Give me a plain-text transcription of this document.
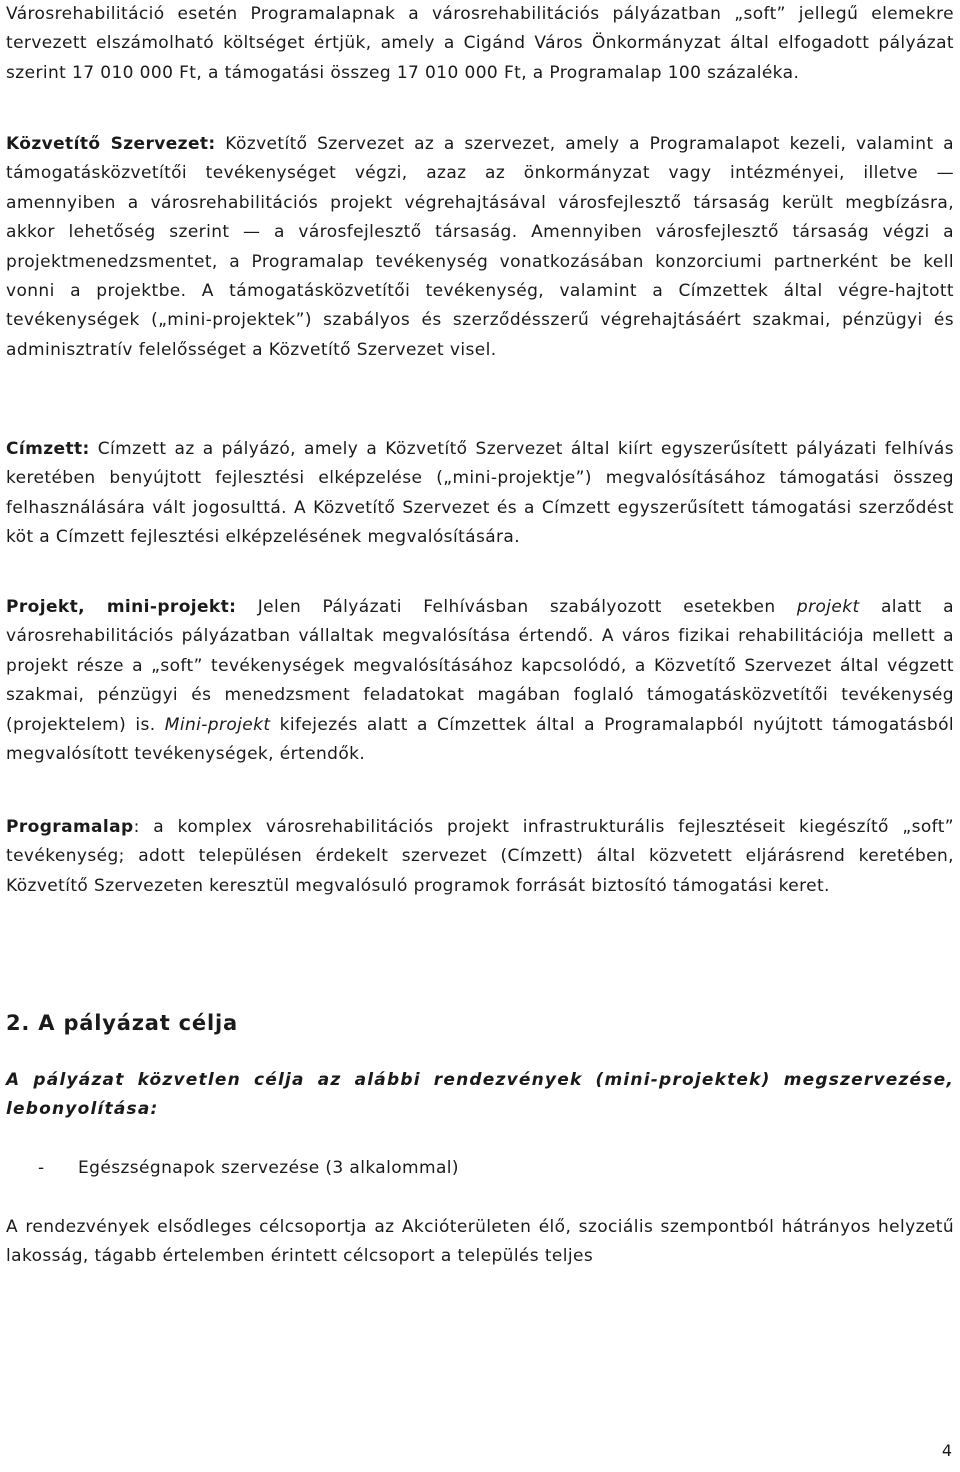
Városrehabilitáció esetén Programalapnak a városrehabilitációs pályázatban „soft” jellegű elemekre tervezett elszámolható költséget értjük, amely a Cigánd Város Önkormányzat által elfogadott pályázat szerint 17 010 000 Ft, a támogatási összeg 17 010 000 Ft, a Programalap 100 százaléka.

Közvetítő Szervezet: Közvetítő Szervezet az a szervezet, amely a Programalapot kezeli, valamint a támogatásközvetítői tevékenységet végzi, azaz az önkormányzat vagy intézményei, illetve — amennyiben a városrehabilitációs projekt végrehajtásával városfejlesztő társaság került megbízásra, akkor lehetőség szerint — a városfejlesztő társaság. Amennyiben városfejlesztő társaság végzi a projektmenedzsmentet, a Programalap tevékenység vonatkozásában konzorciumi partnerként be kell vonni a projektbe. A támogatásközvetítői tevékenység, valamint a Címzettek által végre-hajtott tevékenységek („mini-projektek”) szabályos és szerződésszerű végrehajtásáért szakmai, pénzügyi és adminisztratív felelősséget a Közvetítő Szervezet visel.

Címzett: Címzett az a pályázó, amely a Közvetítő Szervezet által kiírt egyszerűsített pályázati felhívás keretében benyújtott fejlesztési elképzelése („mini-projektje”) megvalósításához támogatási összeg felhasználására vált jogosulttá. A Közvetítő Szervezet és a Címzett egyszerűsített támogatási szerződést köt a Címzett fejlesztési elképzelésének megvalósítására.

Projekt, mini-projekt: Jelen Pályázati Felhívásban szabályozott esetekben projekt alatt a városrehabilitációs pályázatban vállaltak megvalósítása értendő. A város fizikai rehabilitációja mellett a projekt része a „soft” tevékenységek megvalósításához kapcsolódó, a Közvetítő Szervezet által végzett szakmai, pénzügyi és menedzsment feladatokat magában foglaló támogatásközvetítői tevékenység (projektelem) is. Mini-projekt kifejezés alatt a Címzettek által a Programalapból nyújtott támogatásból megvalósított tevékenységek, értendők.

Programalap: a komplex városrehabilitációs projekt infrastrukturális fejlesztéseit kiegészítő „soft” tevékenység; adott településen érdekelt szervezet (Címzett) által közvetett eljárásrend keretében, Közvetítő Szervezeten keresztül megvalósuló programok forrását biztosító támogatási keret.

2. A pályázat célja

A pályázat közvetlen célja az alábbi rendezvények (mini-projektek) megszervezése, lebonyolítása:

- Egészségnapok szervezése (3 alkalommal)

A rendezvények elsődleges célcsoportja az Akcióterületen élő, szociális szempontból hátrányos helyzetű lakosság, tágabb értelemben érintett célcsoport a település teljes

4
